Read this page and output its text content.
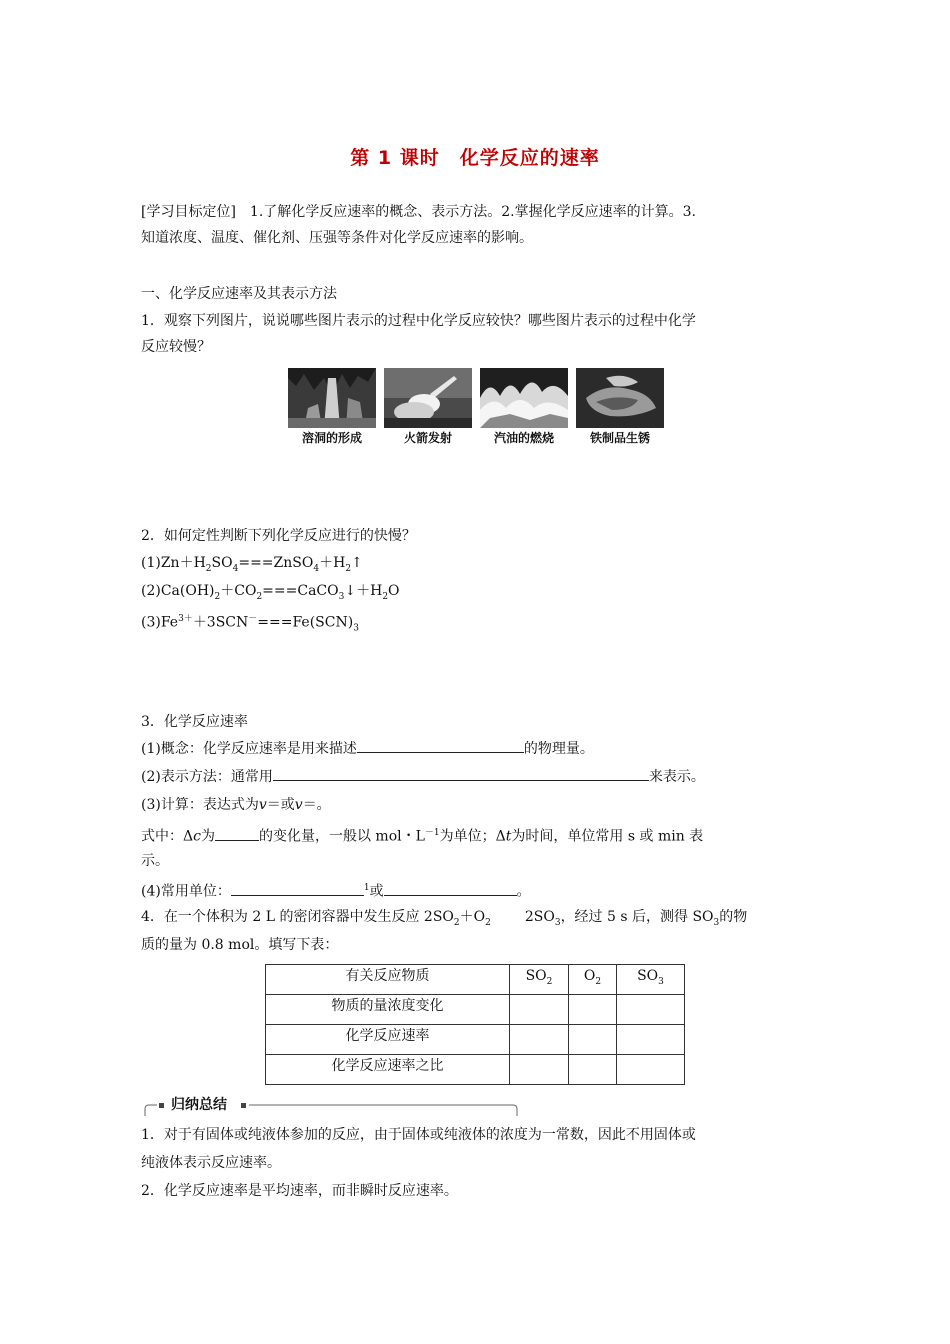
第 1 课时　化学反应的速率
[学习目标定位]　1.了解化学反应速率的概念、表示方法。2.掌握化学反应速率的计算。3.
知道浓度、温度、催化剂、压强等条件对化学反应速率的影响。
一、化学反应速率及其表示方法
1．观察下列图片，说说哪些图片表示的过程中化学反应较快？哪些图片表示的过程中化学
反应较慢？
溶洞的形成	火箭发射	汽油的燃烧	铁制品生锈
2．如何定性判断下列化学反应进行的快慢？
$(1)Zn+H_2SO_4===ZnSO_4+H_2↑$
$(2)Ca(OH)_2+CO_2===CaCO_3↓+H_2O$
$(3)Fe^{3+}+3SCN^-===Fe(SCN)_3$
3．化学反应速率
(1)概念：化学反应速率是用来描述	的物理量。
(2)表示方法：通常用	来表示。
(3)计算：表达式为v＝或v＝。
式中：Δc为	的变化量，一般以 mol・$L^{-1}$为单位；Δt为时间，单位常用 s 或 min 表
示。
(4)常用单位：	$^1$或	。
4．在一个体积为 2 L 的密闭容器中发生反应 $2SO_2+O_2$ $2SO_3$，经过 5 s 后，测得 $SO_3$的物
质的量为 0.8 mol。填写下表：
有关反应物质	$SO_2$	$O_2$	$SO_3$
物质的量浓度变化			
化学反应速率			
化学反应速率之比			
归纳总结
1．对于有固体或纯液体参加的反应，由于固体或纯液体的浓度为一常数，因此不用固体或
纯液体表示反应速率。
2．化学反应速率是平均速率，而非瞬时反应速率。
